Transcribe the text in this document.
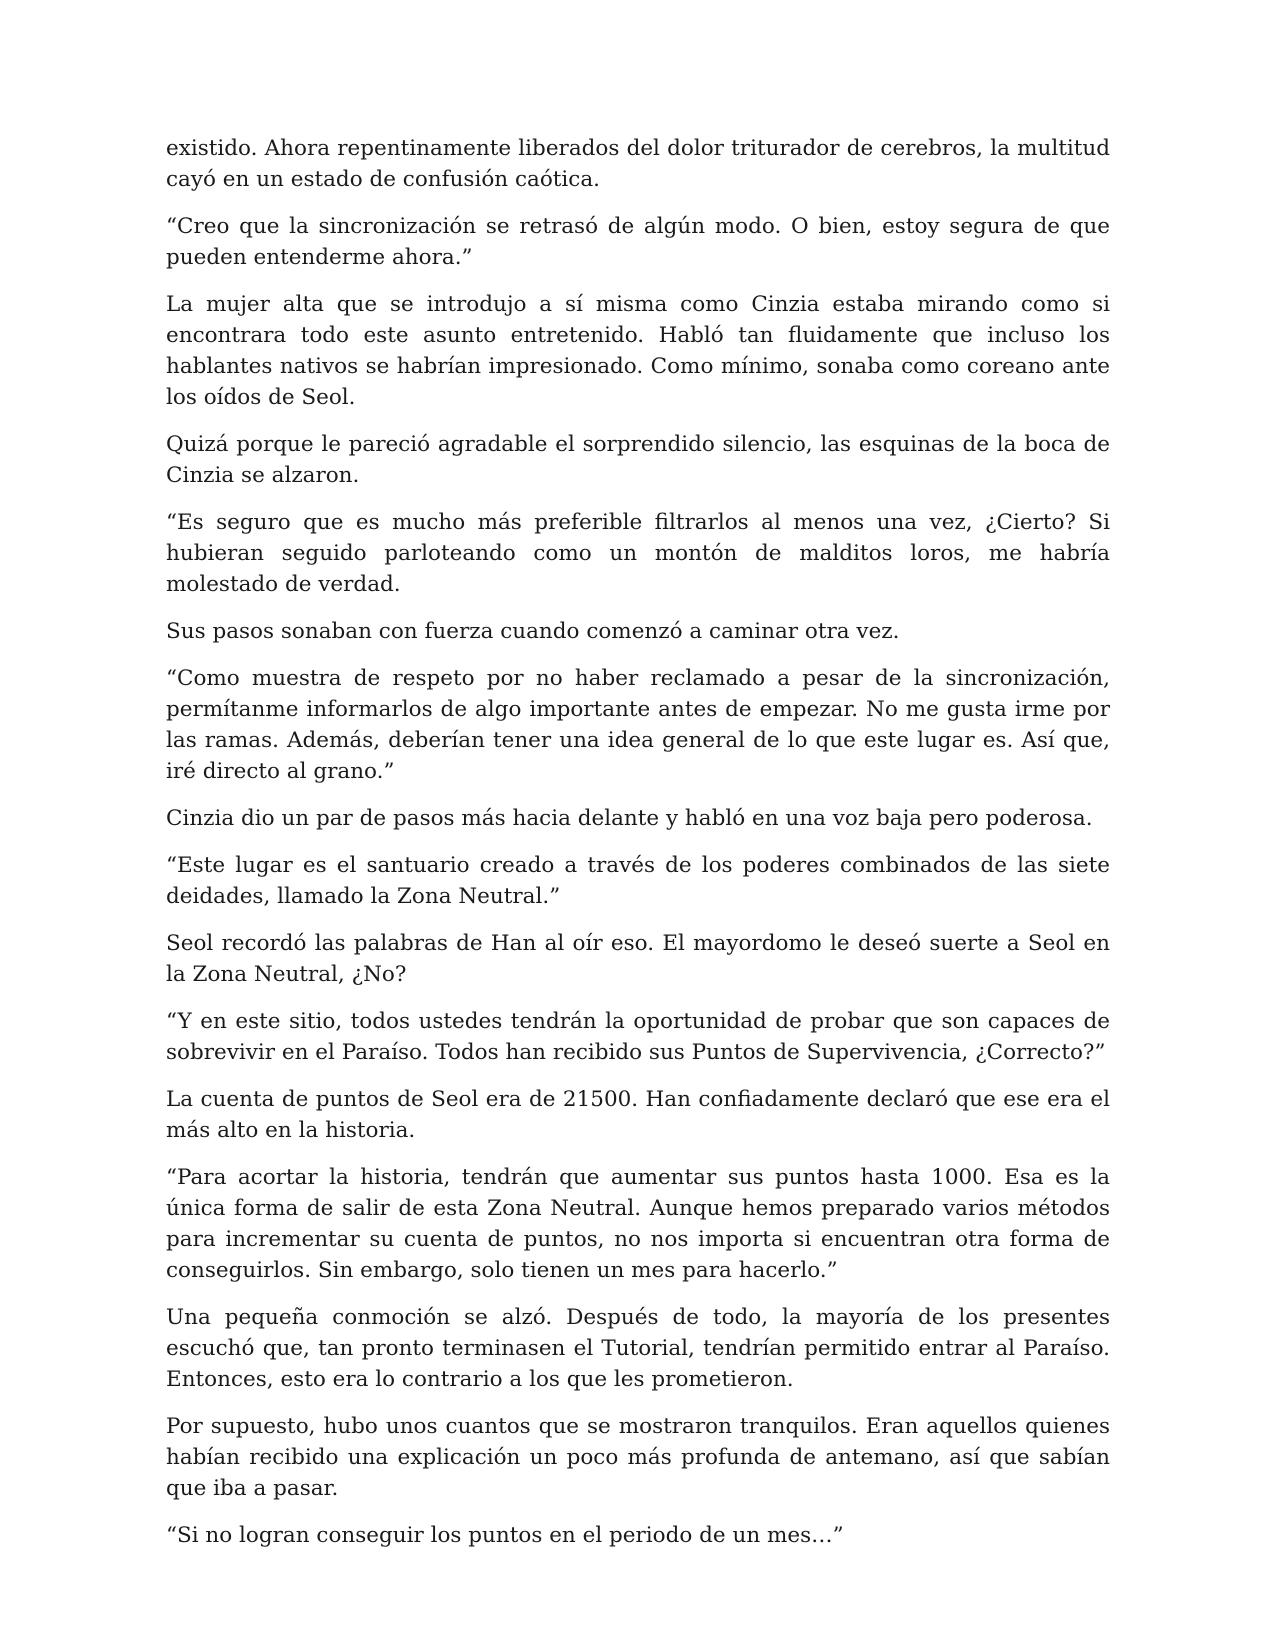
existido. Ahora repentinamente liberados del dolor triturador de cerebros, la multitud cayó en un estado de confusión caótica.

“Creo que la sincronización se retrasó de algún modo. O bien, estoy segura de que pueden entenderme ahora.”

La mujer alta que se introdujo a sí misma como Cinzia estaba mirando como si encontrara todo este asunto entretenido. Habló tan fluidamente que incluso los hablantes nativos se habrían impresionado. Como mínimo, sonaba como coreano ante los oídos de Seol.

Quizá porque le pareció agradable el sorprendido silencio, las esquinas de la boca de Cinzia se alzaron.

“Es seguro que es mucho más preferible filtrarlos al menos una vez, ¿Cierto? Si hubieran seguido parloteando como un montón de malditos loros, me habría molestado de verdad.

Sus pasos sonaban con fuerza cuando comenzó a caminar otra vez.

“Como muestra de respeto por no haber reclamado a pesar de la sincronización, permítanme informarlos de algo importante antes de empezar. No me gusta irme por las ramas. Además, deberían tener una idea general de lo que este lugar es. Así que, iré directo al grano.”

Cinzia dio un par de pasos más hacia delante y habló en una voz baja pero poderosa.

“Este lugar es el santuario creado a través de los poderes combinados de las siete deidades, llamado la Zona Neutral.”

Seol recordó las palabras de Han al oír eso. El mayordomo le deseó suerte a Seol en la Zona Neutral, ¿No?

“Y en este sitio, todos ustedes tendrán la oportunidad de probar que son capaces de sobrevivir en el Paraíso. Todos han recibido sus Puntos de Supervivencia, ¿Correcto?”

La cuenta de puntos de Seol era de 21500. Han confiadamente declaró que ese era el más alto en la historia.

“Para acortar la historia, tendrán que aumentar sus puntos hasta 1000. Esa es la única forma de salir de esta Zona Neutral. Aunque hemos preparado varios métodos para incrementar su cuenta de puntos, no nos importa si encuentran otra forma de conseguirlos. Sin embargo, solo tienen un mes para hacerlo.”

Una pequeña conmoción se alzó. Después de todo, la mayoría de los presentes escuchó que, tan pronto terminasen el Tutorial, tendrían permitido entrar al Paraíso. Entonces, esto era lo contrario a los que les prometieron.

Por supuesto, hubo unos cuantos que se mostraron tranquilos. Eran aquellos quienes habían recibido una explicación un poco más profunda de antemano, así que sabían que iba a pasar.

“Si no logran conseguir los puntos en el periodo de un mes…”
